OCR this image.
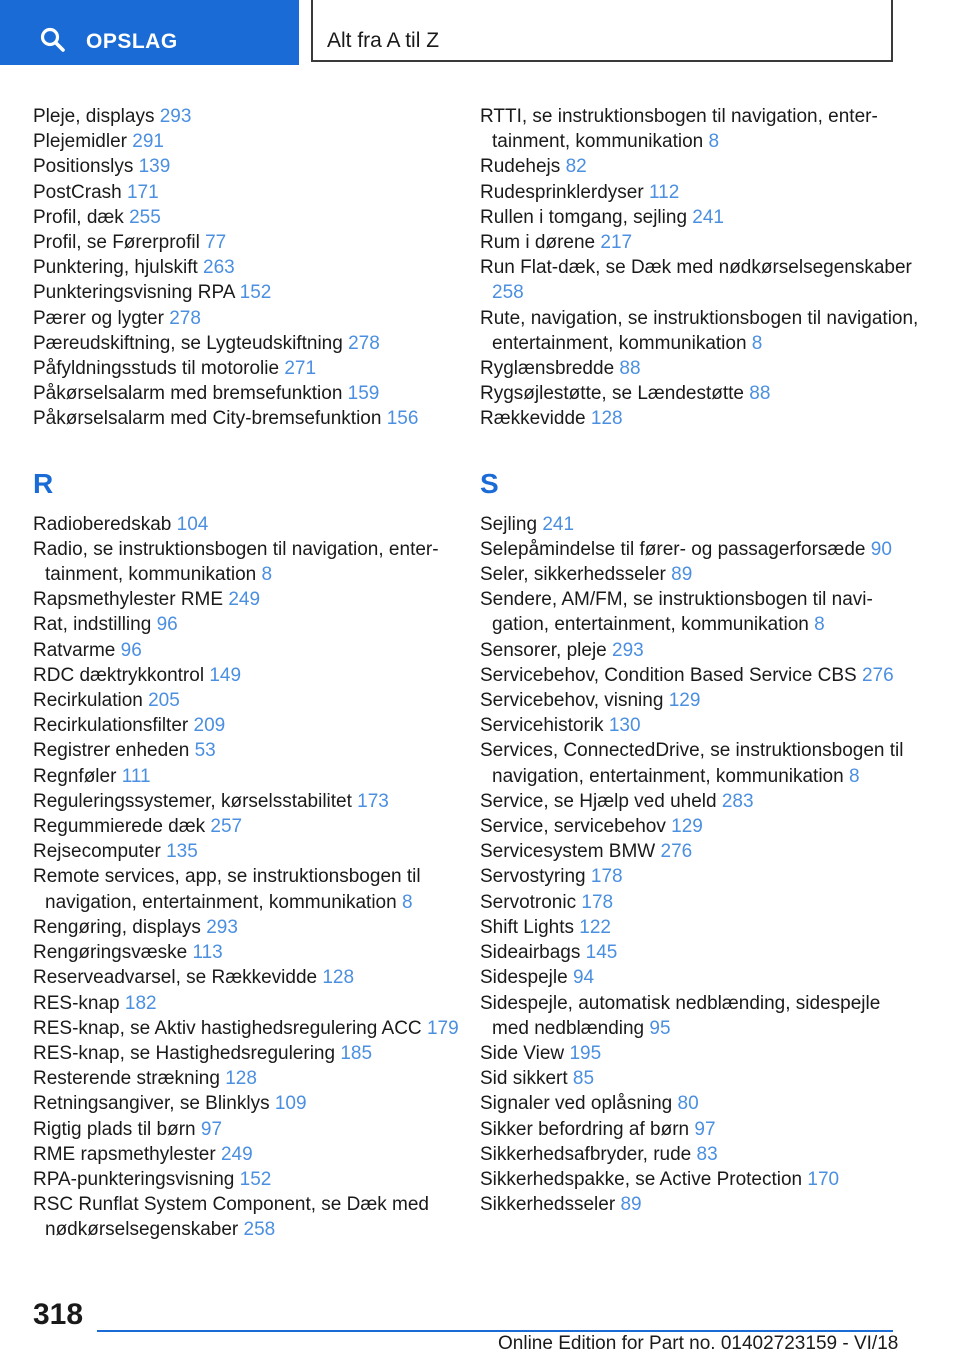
OPSLAG	Alt fra A til Z
Pleje, displays 293
Plejemidler 291
Positionslys 139
PostCrash 171
Profil, dæk 255
Profil, se Førerprofil 77
Punktering, hjulskift 263
Punkteringsvisning RPA 152
Pærer og lygter 278
Pæreudskiftning, se Lygteudskiftning 278
Påfyldningsstuds til motorolie 271
Påkørselsalarm med bremsefunktion 159
Påkørselsalarm med City-bremsefunktion 156
R
Radioberedskab 104
Radio, se instruktionsbogen til navigation, entertainment, kommunikation 8
Rapsmethylester RME 249
Rat, indstilling 96
Ratvarme 96
RDC dæktrykkontrol 149
Recirkulation 205
Recirkulationsfilter 209
Registrer enheden 53
Regnføler 111
Reguleringssystemer, kørselsstabilitet 173
Regummierede dæk 257
Rejsecomputer 135
Remote services, app, se instruktionsbogen til navigation, entertainment, kommunikation 8
Rengøring, displays 293
Rengøringsvæske 113
Reserveadvarsel, se Rækkevidde 128
RES-knap 182
RES-knap, se Aktiv hastighedsregulering ACC 179
RES-knap, se Hastighedsregulering 185
Resterende strækning 128
Retningsangiver, se Blinklys 109
Rigtig plads til børn 97
RME rapsmethylester 249
RPA-punkteringsvisning 152
RSC Runflat System Component, se Dæk med nødkørselsegenskaber 258
RTTI, se instruktionsbogen til navigation, entertainment, kommunikation 8
Rudehejs 82
Rudesprinklerdyser 112
Rullen i tomgang, sejling 241
Rum i dørene 217
Run Flat-dæk, se Dæk med nødkørselsegenskaber 258
Rute, navigation, se instruktionsbogen til navigation, entertainment, kommunikation 8
Ryglænsbredde 88
Rygsøjlestøtte, se Lændestøtte 88
Rækkevidde 128
S
Sejling 241
Selepåmindelse til fører- og passagerforsæde 90
Seler, sikkerhedsseler 89
Sendere, AM/FM, se instruktionsbogen til navigation, entertainment, kommunikation 8
Sensorer, pleje 293
Servicebehov, Condition Based Service CBS 276
Servicebehov, visning 129
Servicehistorik 130
Services, ConnectedDrive, se instruktionsbogen til navigation, entertainment, kommunikation 8
Service, se Hjælp ved uheld 283
Service, servicebehov 129
Servicesystem BMW 276
Servostyring 178
Servotronic 178
Shift Lights 122
Sideairbags 145
Sidespejle 94
Sidespejle, automatisk nedblænding, sidespejle med nedblænding 95
Side View 195
Sid sikkert 85
Signaler ved oplåsning 80
Sikker befordring af børn 97
Sikkerhedsafbryder, rude 83
Sikkerhedspakke, se Active Protection 170
Sikkerhedsseler 89
318
Online Edition for Part no. 01402723159 - VI/18
